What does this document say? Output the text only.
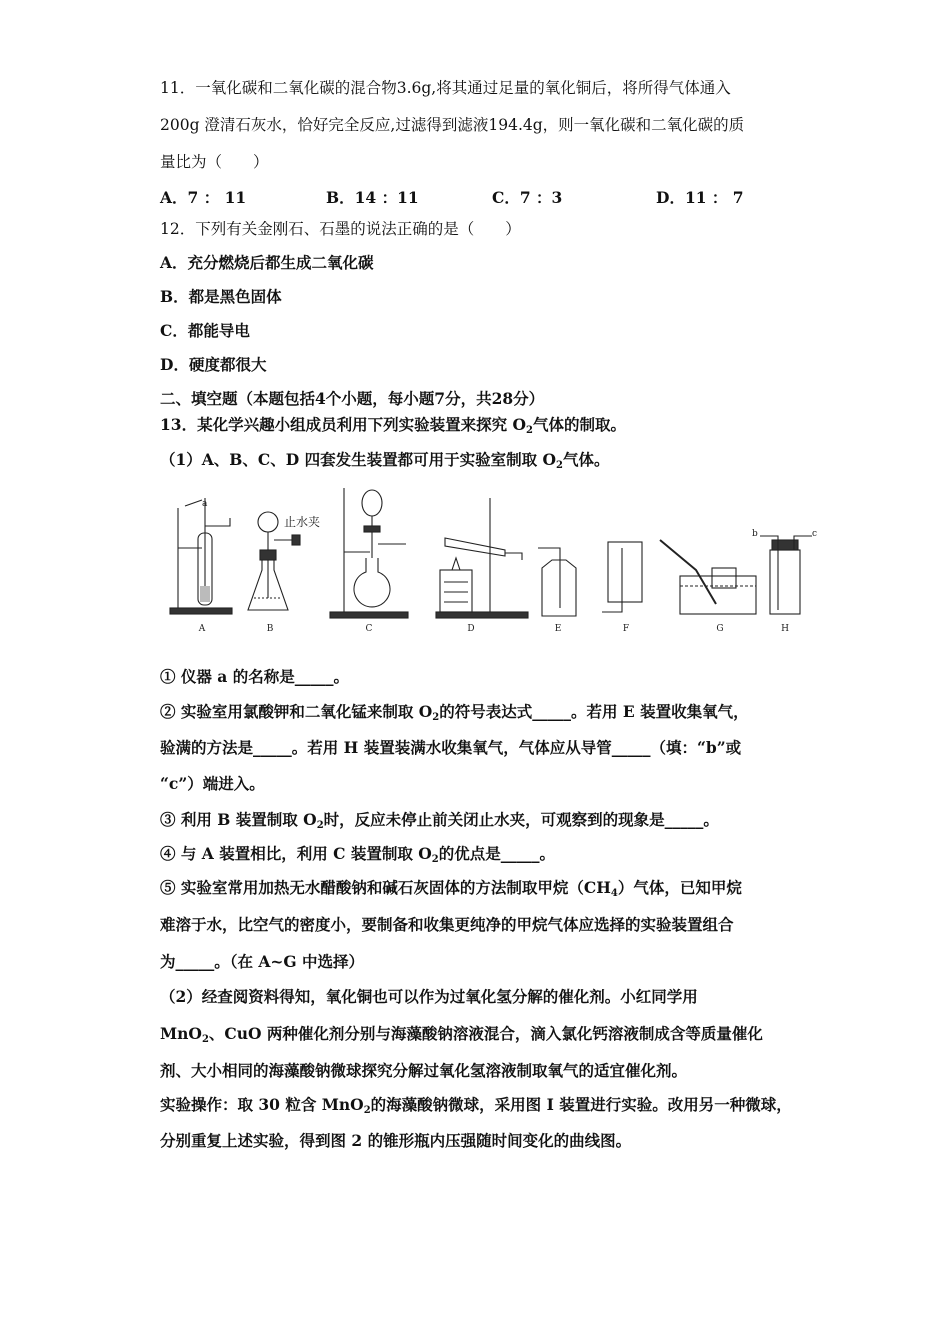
11．一氧化碳和二氧化碳的混合物3.6g,将其通过足量的氧化铜后，将所得气体通入
200g 澄清石灰水，恰好完全反应,过滤得到滤液194.4g，则一氧化碳和二氧化碳的质
量比为（　　）
A．7 ： 11	B．14 ：11	C．7 ：3	D．11 ： 7
12．下列有关金刚石、石墨的说法正确的是（　　）
A．充分燃烧后都生成二氧化碳
B．都是黑色固体
C．都能导电
D．硬度都很大
二、填空题（本题包括4个小题，每小题7分，共28分）
13．某化学兴趣小组成员利用下列实验装置来探究 $O_2$气体的制取。
（1）A、B、C、D 四套发生装置都可用于实验室制取 $O_2$气体。
a
止水夹
b	c
A	B	C	D	E	F	G	H
① 仪器 a 的名称是_____。
② 实验室用氯酸钾和二氧化锰来制取 $O_2$的符号表达式_____。若用 E 装置收集氧气，
验满的方法是_____。若用 H 装置装满水收集氧气，气体应从导管_____（填：“b”或
“c”）端进入。
③ 利用 B 装置制取 $O_2$时，反应未停止前关闭止水夹，可观察到的现象是_____。
④ 与 A 装置相比，利用 C 装置制取 $O_2$的优点是_____。
⑤ 实验室常用加热无水醋酸钠和碱石灰固体的方法制取甲烷$(CH_4)$气体，已知甲烷
难溶于水，比空气的密度小，要制备和收集更纯净的甲烷气体应选择的实验装置组合
为_____。（在 A~G 中选择）
（2）经查阅资料得知，氧化铜也可以作为过氧化氢分解的催化剂。小红同学用
MnO$_2$、CuO 两种催化剂分别与海藻酸钠溶液混合，滴入氯化钙溶液制成含等质量催化
剂、大小相同的海藻酸钠微球探究分解过氧化氢溶液制取氧气的适宜催化剂。
实验操作：取 30 粒含 MnO$_2$的海藻酸钠微球，采用图 I 装置进行实验。改用另一种微球，
分别重复上述实验，得到图 2 的锥形瓶内压强随时间变化的曲线图。
